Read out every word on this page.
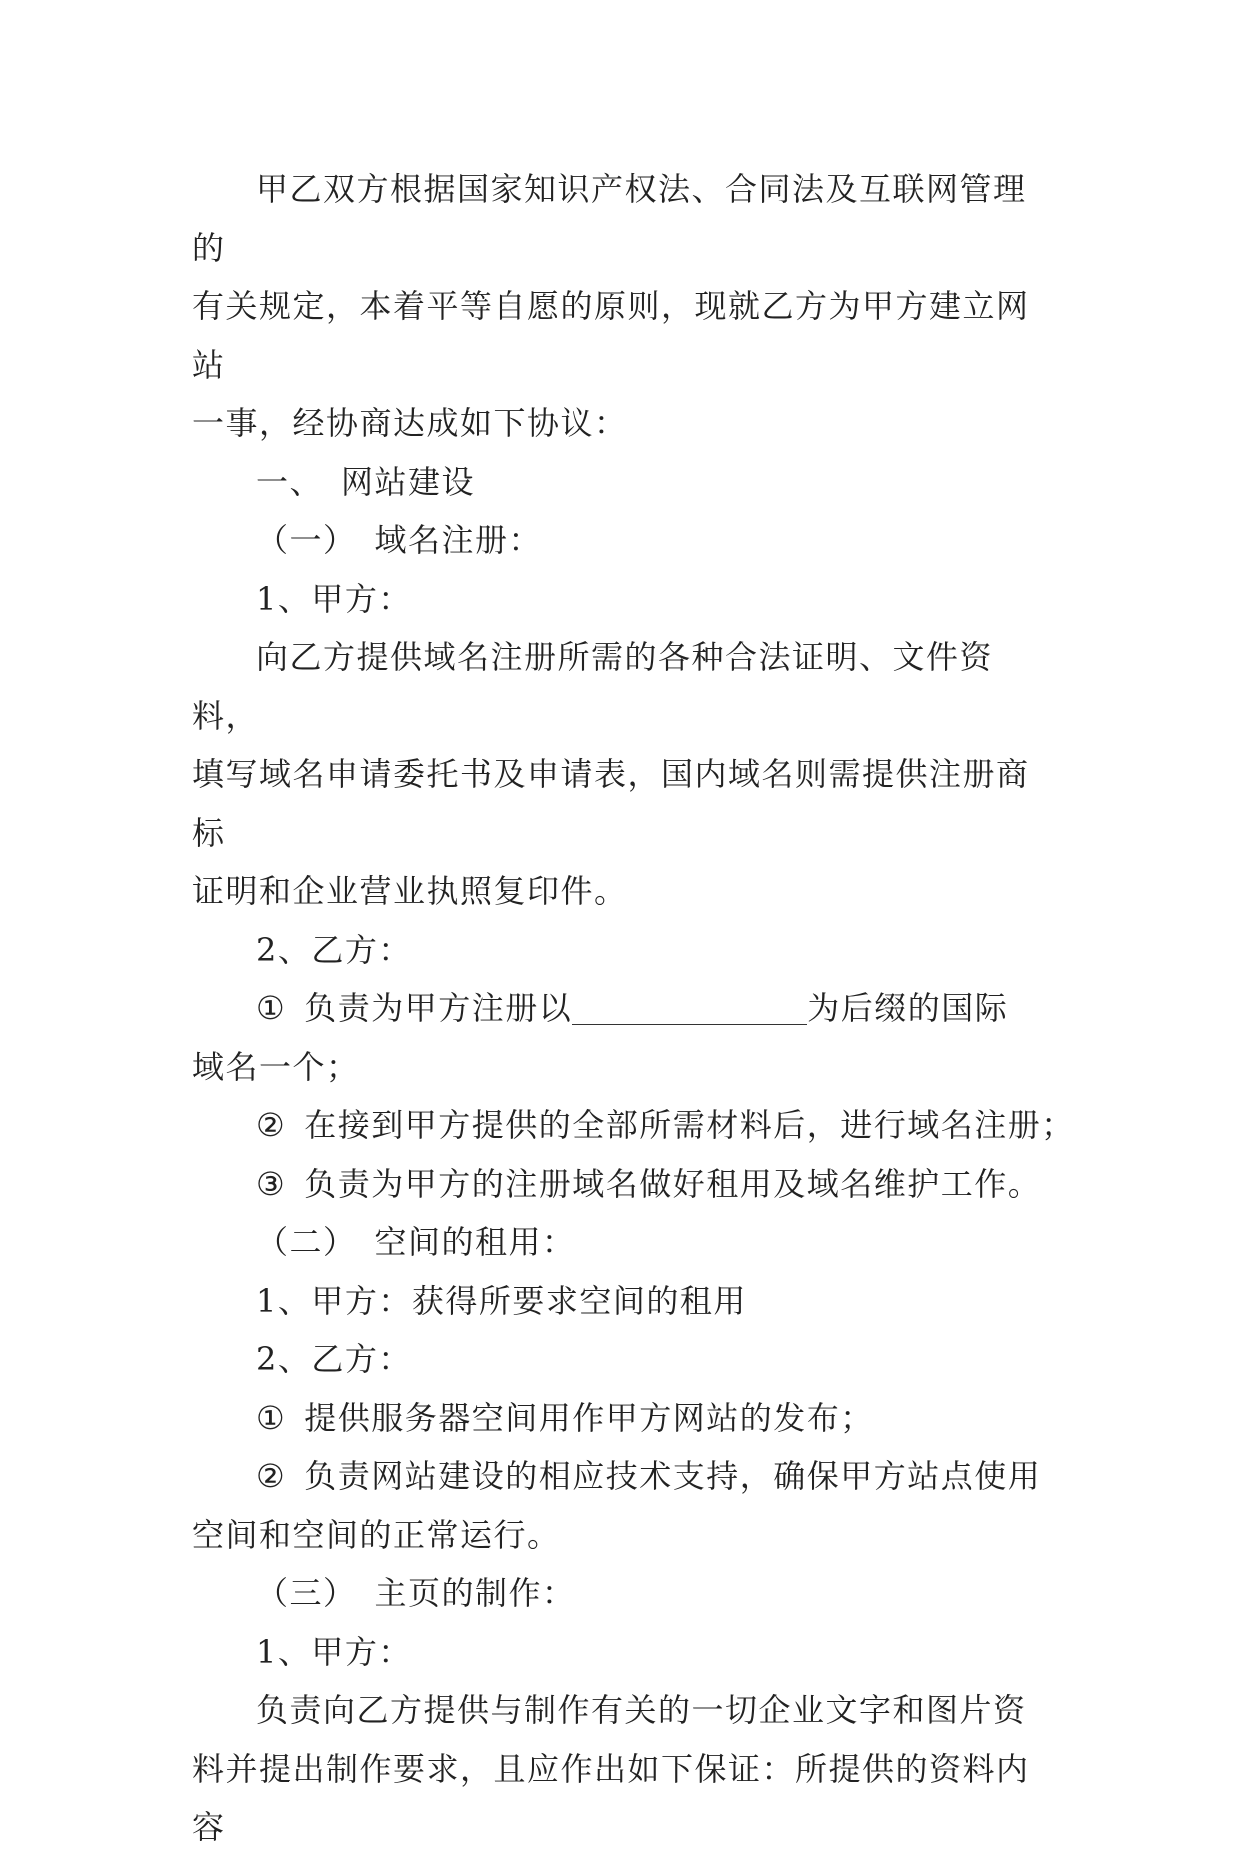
甲乙双方根据国家知识产权法、合同法及互联网管理的
有关规定，本着平等自愿的原则，现就乙方为甲方建立网站
一事，经协商达成如下协议：
一、 网站建设
（一） 域名注册：
1、甲方：
向乙方提供域名注册所需的各种合法证明、文件资料，
填写域名申请委托书及申请表，国内域名则需提供注册商标
证明和企业营业执照复印件。
2、乙方：
① 负责为甲方注册以	为后缀的国际
域名一个；
② 在接到甲方提供的全部所需材料后，进行域名注册；
③ 负责为甲方的注册域名做好租用及域名维护工作。
（二） 空间的租用：
1、甲方：获得所要求空间的租用
2、乙方：
① 提供服务器空间用作甲方网站的发布；
② 负责网站建设的相应技术支持，确保甲方站点使用
空间和空间的正常运行。
（三） 主页的制作：
1、甲方：
负责向乙方提供与制作有关的一切企业文字和图片资
料并提出制作要求，且应作出如下保证：所提供的资料内容
